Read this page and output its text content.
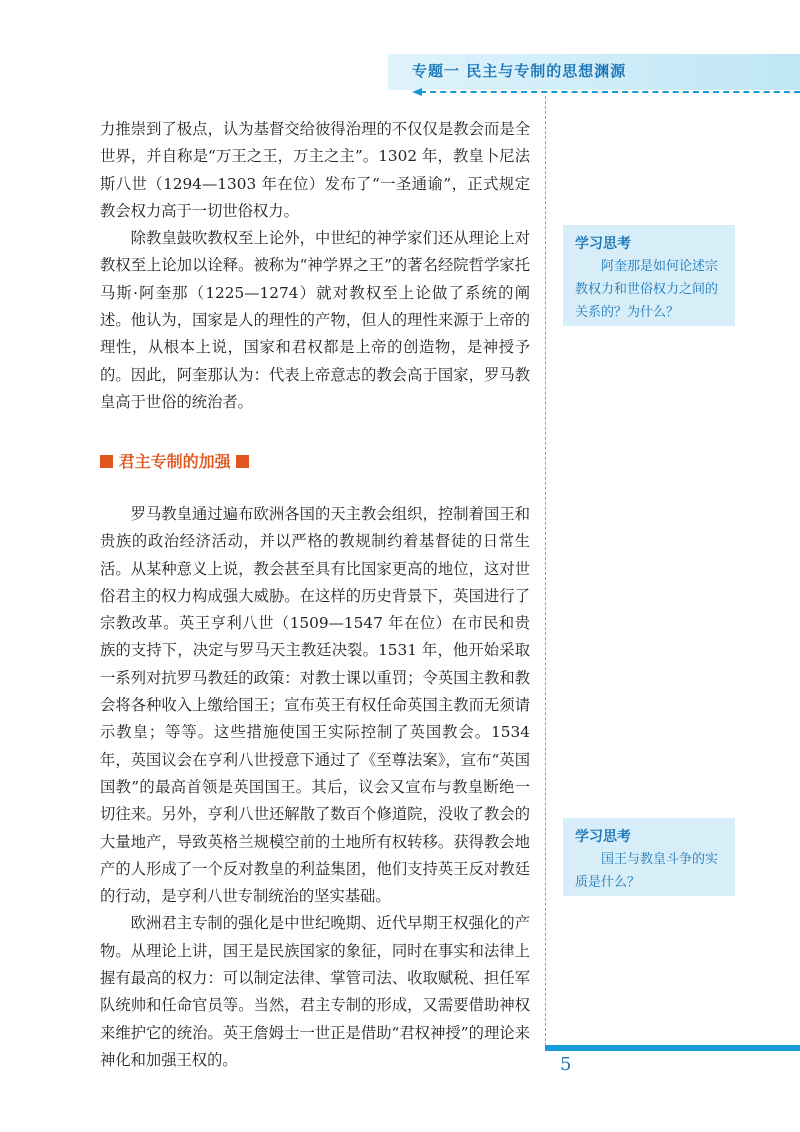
专题一 民主与专制的思想渊源

力推崇到了极点，认为基督交给彼得治理的不仅仅是教会而是全世界，并自称是“万王之王，万主之主”。1302 年，教皇卜尼法斯八世（1294—1303 年在位）发布了“一圣通谕”，正式规定教会权力高于一切世俗权力。

除教皇鼓吹教权至上论外，中世纪的神学家们还从理论上对教权至上论加以诠释。被称为“神学界之王”的著名经院哲学家托马斯·阿奎那（1225—1274）就对教权至上论做了系统的阐述。他认为，国家是人的理性的产物，但人的理性来源于上帝的理性，从根本上说，国家和君权都是上帝的创造物，是神授予的。因此，阿奎那认为：代表上帝意志的教会高于国家，罗马教皇高于世俗的统治者。

君主专制的加强

罗马教皇通过遍布欧洲各国的天主教会组织，控制着国王和贵族的政治经济活动，并以严格的教规制约着基督徒的日常生活。从某种意义上说，教会甚至具有比国家更高的地位，这对世俗君主的权力构成强大威胁。在这样的历史背景下，英国进行了宗教改革。英王亨利八世（1509—1547 年在位）在市民和贵族的支持下，决定与罗马天主教廷决裂。1531 年，他开始采取一系列对抗罗马教廷的政策：对教士课以重罚；令英国主教和教会将各种收入上缴给国王；宣布英王有权任命英国主教而无须请示教皇；等等。这些措施使国王实际控制了英国教会。1534 年，英国议会在亨利八世授意下通过了《至尊法案》，宣布“英国国教”的最高首领是英国国王。其后，议会又宣布与教皇断绝一切往来。另外，亨利八世还解散了数百个修道院，没收了教会的大量地产，导致英格兰规模空前的土地所有权转移。获得教会地产的人形成了一个反对教皇的利益集团，他们支持英王反对教廷的行动，是亨利八世专制统治的坚实基础。

欧洲君主专制的强化是中世纪晚期、近代早期王权强化的产物。从理论上讲，国王是民族国家的象征，同时在事实和法律上握有最高的权力：可以制定法律、掌管司法、收取赋税、担任军队统帅和任命官员等。当然，君主专制的形成，又需要借助神权来维护它的统治。英王詹姆士一世正是借助“君权神授”的理论来神化和加强王权的。

学习思考
阿奎那是如何论述宗教权力和世俗权力之间的关系的？为什么？
学习思考
国王与教皇斗争的实质是什么？
5
